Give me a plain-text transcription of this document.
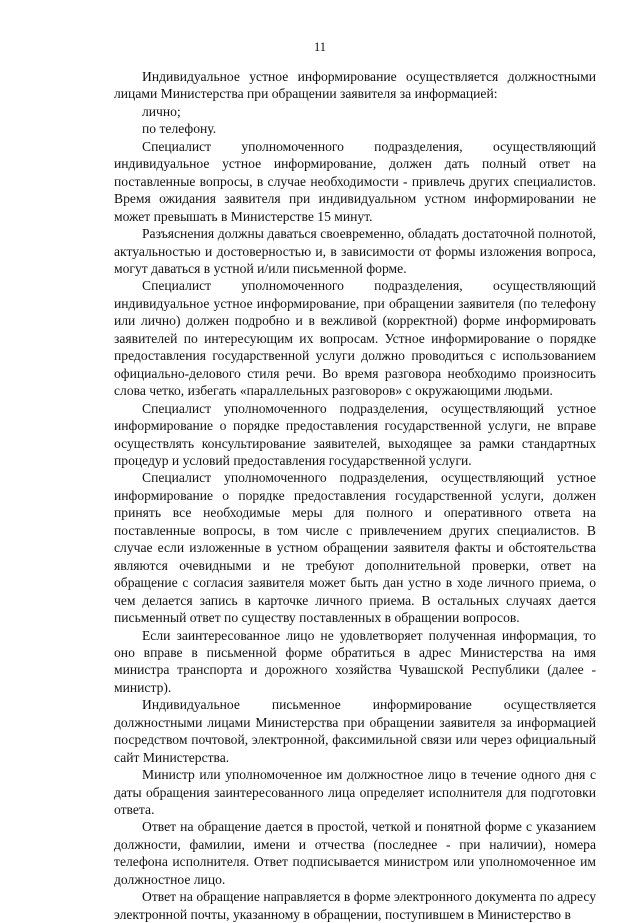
11

Индивидуальное устное информирование осуществляется должностными лицами Министерства при обращении заявителя за информацией:

лично;

по телефону.

Специалист уполномоченного подразделения, осуществляющий индивидуальное устное информирование, должен дать полный ответ на поставленные вопросы, в случае необходимости - привлечь других специалистов. Время ожидания заявителя при индивидуальном устном информировании не может превышать в Министерстве 15 минут.

Разъяснения должны даваться своевременно, обладать достаточной полнотой, актуальностью и достоверностью и, в зависимости от формы изложения вопроса, могут даваться в устной и/или письменной форме.

Специалист уполномоченного подразделения, осуществляющий индивидуальное устное информирование, при обращении заявителя (по телефону или лично) должен подробно и в вежливой (корректной) форме информировать заявителей по интересующим их вопросам. Устное информирование о порядке предоставления государственной услуги должно проводиться с использованием официально-делового стиля речи. Во время разговора необходимо произносить слова четко, избегать «параллельных разговоров» с окружающими людьми.

Специалист уполномоченного подразделения, осуществляющий устное информирование о порядке предоставления государственной услуги, не вправе осуществлять консультирование заявителей, выходящее за рамки стандартных процедур и условий предоставления государственной услуги.

Специалист уполномоченного подразделения, осуществляющий устное информирование о порядке предоставления государственной услуги, должен принять все необходимые меры для полного и оперативного ответа на поставленные вопросы, в том числе с привлечением других специалистов. В случае если изложенные в устном обращении заявителя факты и обстоятельства являются очевидными и не требуют дополнительной проверки, ответ на обращение с согласия заявителя может быть дан устно в ходе личного приема, о чем делается запись в карточке личного приема. В остальных случаях дается письменный ответ по существу поставленных в обращении вопросов.

Если заинтересованное лицо не удовлетворяет полученная информация, то оно вправе в письменной форме обратиться в адрес Министерства на имя министра транспорта и дорожного хозяйства Чувашской Республики (далее - министр).

Индивидуальное письменное информирование осуществляется должностными лицами Министерства при обращении заявителя за информацией посредством почтовой, электронной, факсимильной связи или через официальный сайт Министерства.

Министр или уполномоченное им должностное лицо в течение одного дня с даты обращения заинтересованного лица определяет исполнителя для подготовки ответа.

Ответ на обращение дается в простой, четкой и понятной форме с указанием должности, фамилии, имени и отчества (последнее - при наличии), номера телефона исполнителя. Ответ подписывается министром или уполномоченное им должностное лицо.

Ответ на обращение направляется в форме электронного документа по адресу электронной почты, указанному в обращении, поступившем в Министерство в
